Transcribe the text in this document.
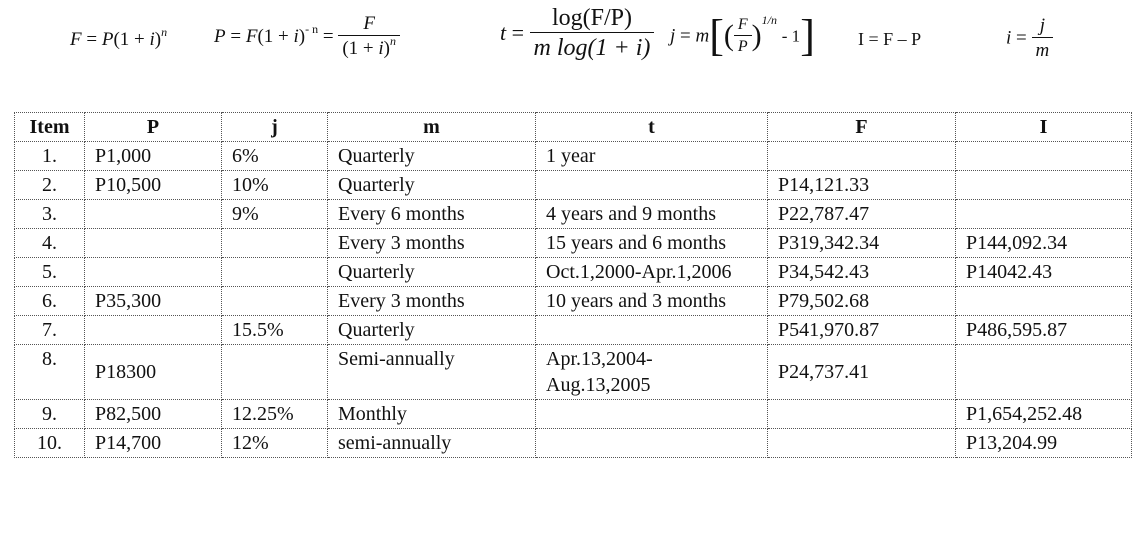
$F = P(1 + i)^n$ $P = F(1 + i)^{- n} = \frac{F}{(1 + i)^n}$	$t = \frac{\log(F/P)}{\text{m log(1 + i)}}$ $j = m[( \frac{F}{P} )^{1/n} - 1]$ I = F – P	$i = \frac{j}{m}$
Item	P	j	m	t	F	I
1.	P1,000	6%	Quarterly	1 year		
2.	P10,500	10%	Quarterly		P14,121.33	
3.		9%	Every 6 months	4 years and 9 months	P22,787.47	
4.			Every 3 months	15 years and 6 months	P319,342.34	P144,092.34
5.			Quarterly	Oct.1,2000-Apr.1,2006	P34,542.43	P14042.43
6.	P35,300		Every 3 months	10 years and 3 months	P79,502.68	
7.		15.5%	Quarterly		P541,970.87	P486,595.87
8.	P18300		Semi-annually	Apr.13,2004-Aug.13,2005	P24,737.41	
9.	P82,500	12.25%	Monthly			P1,654,252.48
10.	P14,700	12%	semi-annually			P13,204.99
